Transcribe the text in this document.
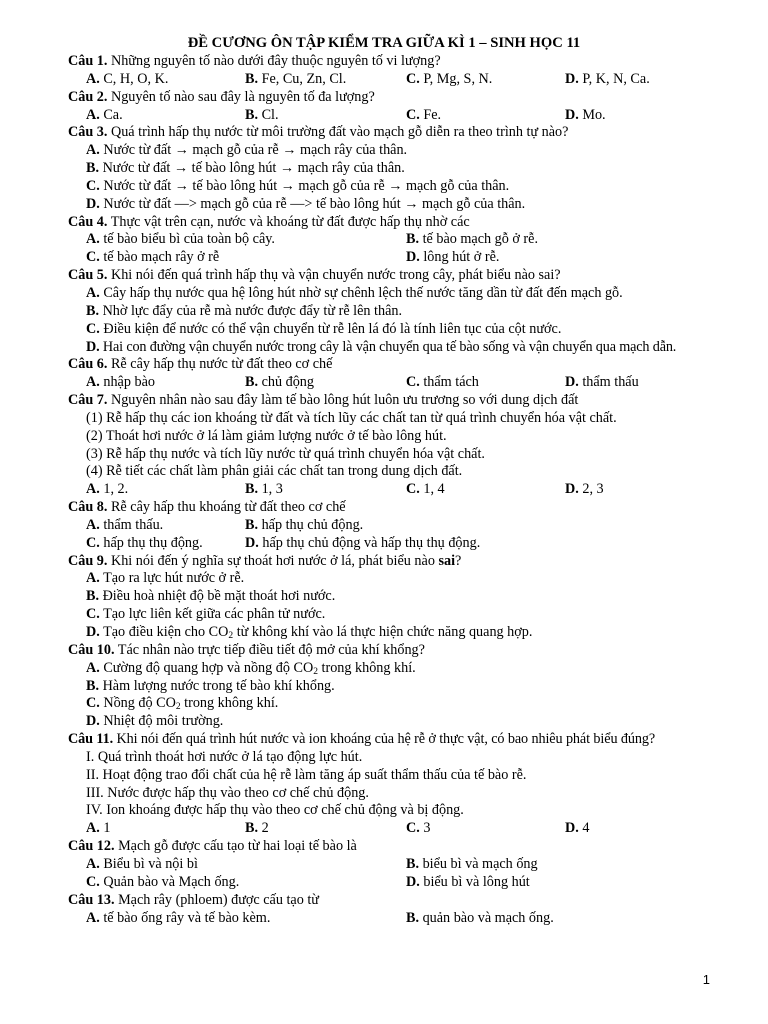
ĐỀ CƯƠNG ÔN TẬP KIỂM TRA GIỮA KÌ 1 – SINH HỌC 11
Câu 1. Những nguyên tố nào dưới đây thuộc nguyên tố vi lượng?
A. C, H, O, K.	B. Fe, Cu, Zn, Cl.	C. P, Mg, S, N.	D. P, K, N, Ca.
Câu 2. Nguyên tố nào sau đây là nguyên tố đa lượng?
A. Ca.	B. Cl.	C. Fe.	D. Mo.
Câu 3. Quá trình hấp thụ nước từ môi trường đất vào mạch gỗ diễn ra theo trình tự nào?
A. Nước từ đất → mạch gỗ của rễ → mạch rây của thân.
B. Nước từ đất → tế bào lông hút → mạch rây của thân.
C. Nước từ đất → tế bào lông hút → mạch gỗ của rễ → mạch gỗ của thân.
D. Nước từ đất —> mạch gỗ của rễ —> tế bào lông hút → mạch gỗ của thân.
Câu 4. Thực vật trên cạn, nước và khoáng từ đất được hấp thụ nhờ các
A. tế bào biểu bì của toàn bộ cây.	B. tế bào mạch gỗ ở rễ.
C. tế bào mạch rây ở rễ	D. lông hút ở rễ.
Câu 5. Khi nói đến quá trình hấp thụ và vận chuyển nước trong cây, phát biểu nào sai?
A. Cây hấp thụ nước qua hệ lông hút nhờ sự chênh lệch thế nước tăng dần từ đất đến mạch gỗ.
B. Nhờ lực đẩy của rễ mà nước được đẩy từ rễ lên thân.
C. Điều kiện để nước có thể vận chuyển từ rễ lên lá đó là tính liên tục của cột nước.
D. Hai con đường vận chuyển nước trong cây là vận chuyển qua tế bào sống và vận chuyển qua mạch dẫn.
Câu 6. Rễ cây hấp thụ nước từ đất theo cơ chế
A. nhập bào	B. chủ động	C. thẩm tách	D. thẩm thấu
Câu 7. Nguyên nhân nào sau đây làm tế bào lông hút luôn ưu trương so với dung dịch đất
(1) Rễ hấp thụ các ion khoáng từ đất và tích lũy các chất tan từ quá trình chuyển hóa vật chất.
(2) Thoát hơi nước ở lá làm giảm lượng nước ở tế bào lông hút.
(3) Rễ hấp thụ nước và tích lũy nước từ quá trình chuyển hóa vật chất.
(4) Rễ tiết các chất làm phân giải các chất tan trong dung dịch đất.
A. 1, 2.	B. 1, 3	C. 1, 4	D. 2, 3
Câu 8. Rễ cây hấp thu khoáng từ đất theo cơ chế
A. thẩm thấu.	B. hấp thụ chủ động.
C. hấp thụ thụ động.	D. hấp thụ chủ động và hấp thụ thụ động.
Câu 9. Khi nói đến ý nghĩa sự thoát hơi nước ở lá, phát biểu nào sai?
A. Tạo ra lực hút nước ở rễ.
B. Điều hoà nhiệt độ bề mặt thoát hơi nước.
C. Tạo lực liên kết giữa các phân tử nước.
D. Tạo điều kiện cho $CO_2$ từ không khí vào lá thực hiện chức năng quang hợp.
Câu 10. Tác nhân nào trực tiếp điều tiết độ mở của khí khổng?
A. Cường độ quang hợp và nồng độ $CO_2$ trong không khí.
B. Hàm lượng nước trong tế bào khí khổng.
C. Nồng độ $CO_2$ trong không khí.
D. Nhiệt độ môi trường.
Câu 11. Khi nói đến quá trình hút nước và ion khoáng của hệ rễ ở thực vật, có bao nhiêu phát biểu đúng?
I. Quá trình thoát hơi nước ở lá tạo động lực hút.
II. Hoạt động trao đổi chất của hệ rễ làm tăng áp suất thẩm thấu của tế bào rễ.
III. Nước được hấp thụ vào theo cơ chế chủ động.
IV. Ion khoáng được hấp thụ vào theo cơ chế chủ động và bị động.
A. 1	B. 2	C. 3	D. 4
Câu 12. Mạch gỗ được cấu tạo từ hai loại tế bào là
A. Biểu bì và nội bì	B. biểu bì và mạch ống
C. Quản bào và Mạch ống.	D. biểu bì và lông hút
Câu 13. Mạch rây (phloem) được cấu tạo từ
A. tế bào ống rây và tế bào kèm.	B. quản bào và mạch ống.
1
